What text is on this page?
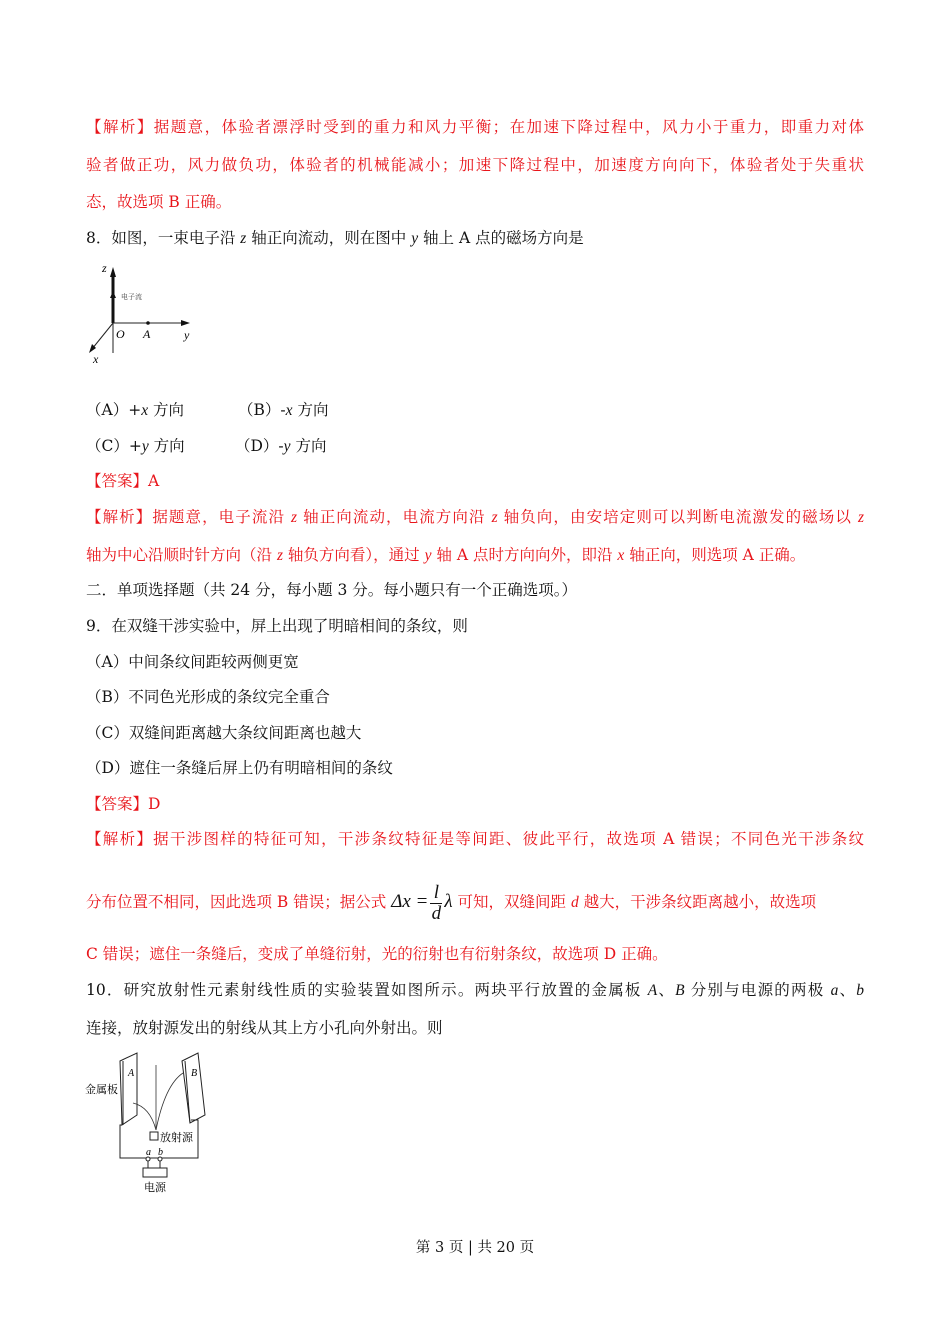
【解析】据题意，体验者漂浮时受到的重力和风力平衡；在加速下降过程中，风力小于重力，即重力对体
验者做正功，风力做负功，体验者的机械能减小；加速下降过程中，加速度方向向下，体验者处于失重状
态，故选项 B 正确。
8．如图，一束电子沿 z 轴正向流动，则在图中 y 轴上 A 点的磁场方向是
【答案】A
【解析】据题意，电子流沿 z 轴正向流动，电流方向沿 z 轴负向，由安培定则可以判断电流激发的磁场以 z
轴为中心沿顺时针方向（沿 z 轴负方向看），通过 y 轴 A 点时方向向外，即沿 x 轴正向，则选项 A 正确。
二．单项选择题（共 24 分，每小题 3 分。每小题只有一个正确选项。）
9．在双缝干涉实验中，屏上出现了明暗相间的条纹，则
（A）中间条纹间距较两侧更宽
（B）不同色光形成的条纹完全重合
（C）双缝间距离越大条纹间距离也越大
（D）遮住一条缝后屏上仍有明暗相间的条纹
【答案】D
【解析】据干涉图样的特征可知，干涉条纹特征是等间距、彼此平行，故选项 A 错误；不同色光干涉条纹
C 错误；遮住一条缝后，变成了单缝衍射，光的衍射也有衍射条纹，故选项 D 正确。
10．研究放射性元素射线性质的实验装置如图所示。两块平行放置的金属板 A、B 分别与电源的两极 a、b
连接，放射源发出的射线从其上方小孔向外射出。则
z
电子流
O A	y
x
（A）+x 方向	（B）-x 方向
（C）+y 方向	（D）-y 方向
分布位置不相同，因此选项 B 错误；据公式 $\Delta x = \frac{l}{d}$ λ 可知，双缝间距 d 越大，干涉条纹距离越小，故选项
A	B
金属板
放射源
a b
电源
第 3 页 | 共 20 页
